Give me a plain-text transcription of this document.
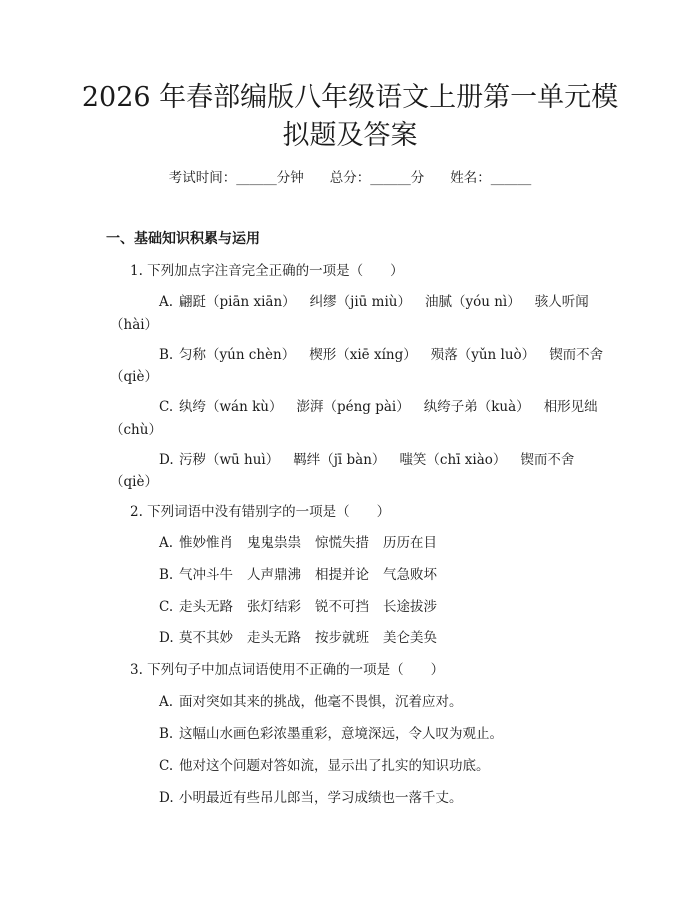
2026 年春部编版八年级语文上册第一单元模
拟题及答案
考试时间：______分钟 总分：______分 姓名：______
一、基础知识积累与运用
1. 下列加点字注音完全正确的一项是（　　）
A. 翩跹（piān xiān） 纠缪（jiū miù） 油腻（yóu nì） 骇人听闻
（hài）
B. 匀称（yún chèn） 楔形（xiē xíng） 殒落（yǔn luò） 锲而不舍
（qiè）
C. 纨绔（wán kù） 澎湃（péng pài） 纨绔子弟（kuà） 相形见绌
（chù）
D. 污秽（wū huì） 羁绊（jī bàn） 嗤笑（chī xiào） 锲而不舍
（qiè）
2. 下列词语中没有错别字的一项是（　　）
A. 惟妙惟肖 鬼鬼祟祟 惊慌失措 历历在目
B. 气冲斗牛 人声鼎沸 相提并论 气急败坏
C. 走头无路 张灯结彩 锐不可挡 长途拔涉
D. 莫不其妙 走头无路 按步就班 美仑美奂
3. 下列句子中加点词语使用不正确的一项是（　　）
A. 面对突如其来的挑战，他毫不畏惧，沉着应对。
B. 这幅山水画色彩浓墨重彩，意境深远，令人叹为观止。
C. 他对这个问题对答如流，显示出了扎实的知识功底。
D. 小明最近有些吊儿郎当，学习成绩也一落千丈。
